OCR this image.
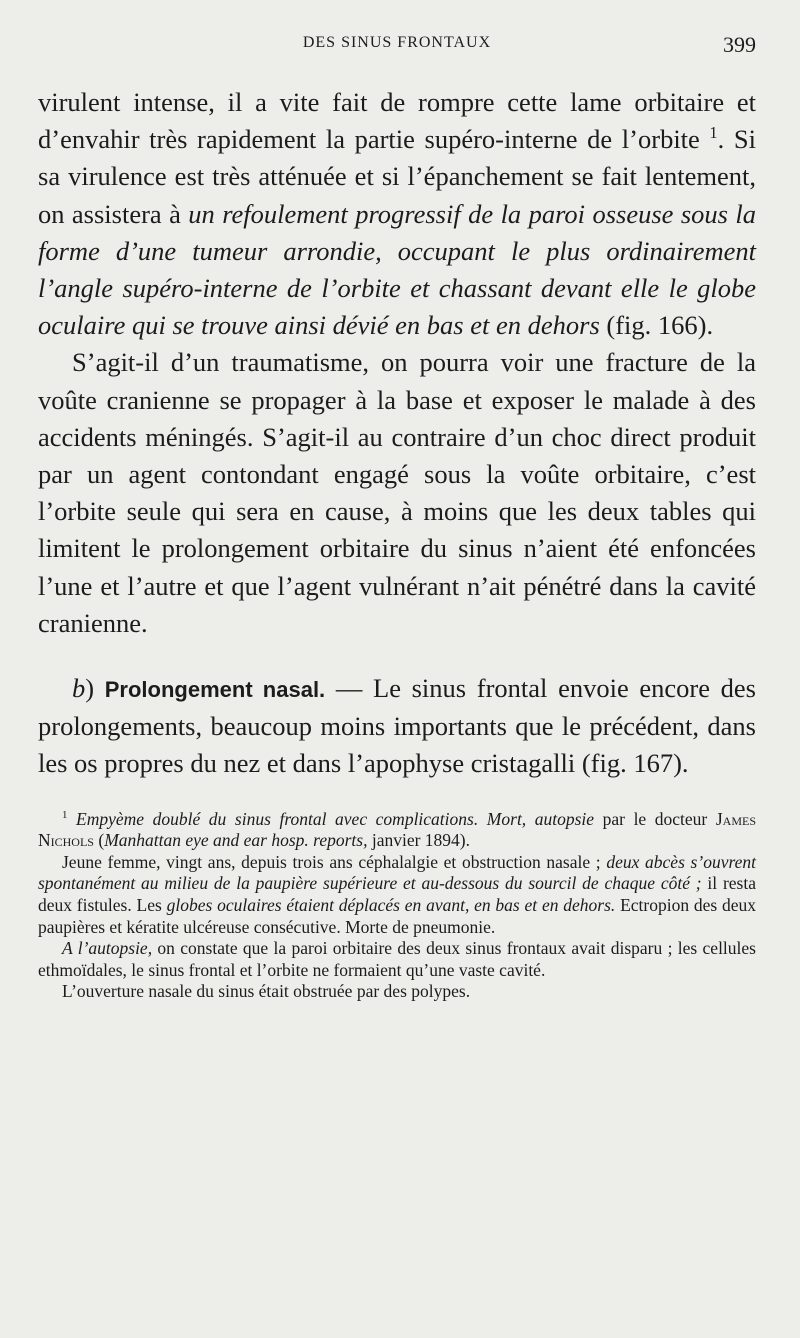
DES SINUS FRONTAUX	399

virulent intense, il a vite fait de rompre cette lame orbitaire et d’envahir très rapidement la partie supéro-interne de l’orbite $^1$. Si sa virulence est très atténuée et si l’épanchement se fait lentement, on assistera à un refoulement progressif de la paroi osseuse sous la forme d’une tumeur arrondie, occupant le plus ordinairement l’angle supéro-interne de l’orbite et chassant devant elle le globe oculaire qui se trouve ainsi dévié en bas et en dehors (fig. 166).

S’agit-il d’un traumatisme, on pourra voir une fracture de la voûte cranienne se propager à la base et exposer le malade à des accidents méningés. S’agit-il au contraire d’un choc direct produit par un agent contondant engagé sous la voûte orbitaire, c’est l’orbite seule qui sera en cause, à moins que les deux tables qui limitent le prolongement orbitaire du sinus n’aient été enfoncées l’une et l’autre et que l’agent vulnérant n’ait pénétré dans la cavité cranienne.

b) Prolongement nasal. — Le sinus frontal envoie encore des prolongements, beaucoup moins importants que le précédent, dans les os propres du nez et dans l’apophyse cristagalli (fig. 167).

$^1$ Empyème doublé du sinus frontal avec complications. Mort, autopsie par le docteur James Nichols (Manhattan eye and ear hosp. reports, janvier 1894).

Jeune femme, vingt ans, depuis trois ans céphalalgie et obstruction nasale ; deux abcès s’ouvrent spontanément au milieu de la paupière supérieure et au-dessous du sourcil de chaque côté ; il resta deux fistules. Les globes oculaires étaient déplacés en avant, en bas et en dehors. Ectropion des deux paupières et kératite ulcéreuse consécutive. Morte de pneumonie.

A l’autopsie, on constate que la paroi orbitaire des deux sinus frontaux avait disparu ; les cellules ethmoïdales, le sinus frontal et l’orbite ne formaient qu’une vaste cavité.

L’ouverture nasale du sinus était obstruée par des polypes.
